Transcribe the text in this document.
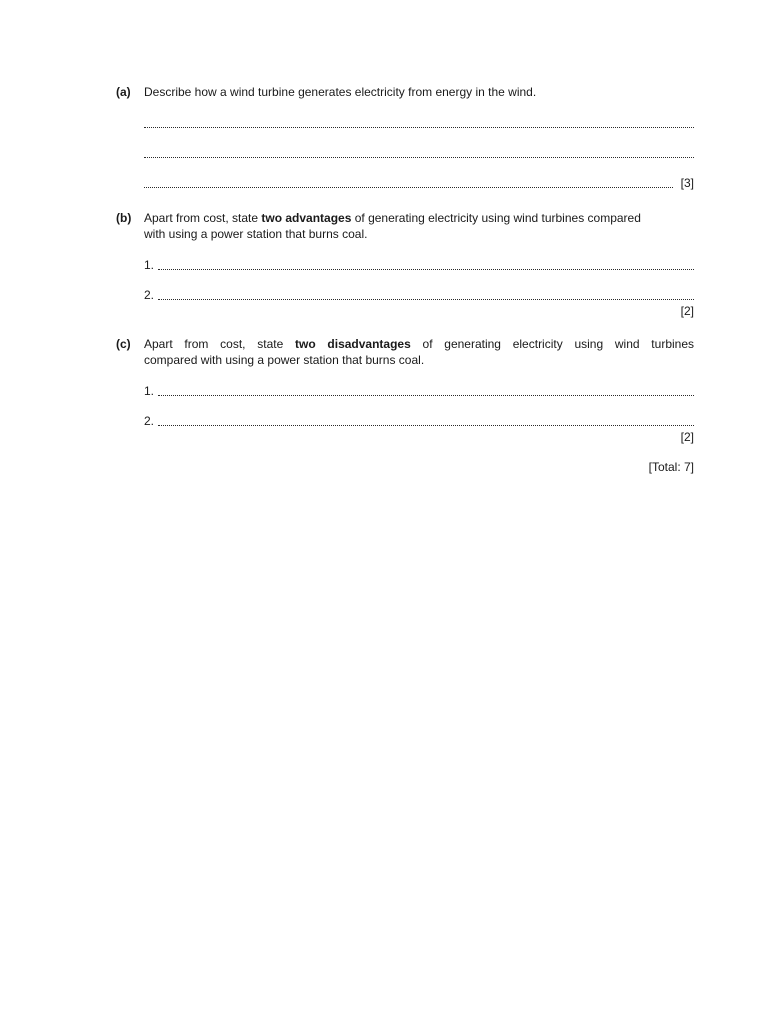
(a)	Describe how a wind turbine generates electricity from energy in the wind.
[3]
(b)	Apart from cost, state two advantages of generating electricity using wind turbines compared
with using a power station that burns coal.
1.
2.
[2]
(c)	Apart from cost, state two disadvantages of generating electricity using wind turbines
compared with using a power station that burns coal.
1.
2.
[2]
[Total: 7]
